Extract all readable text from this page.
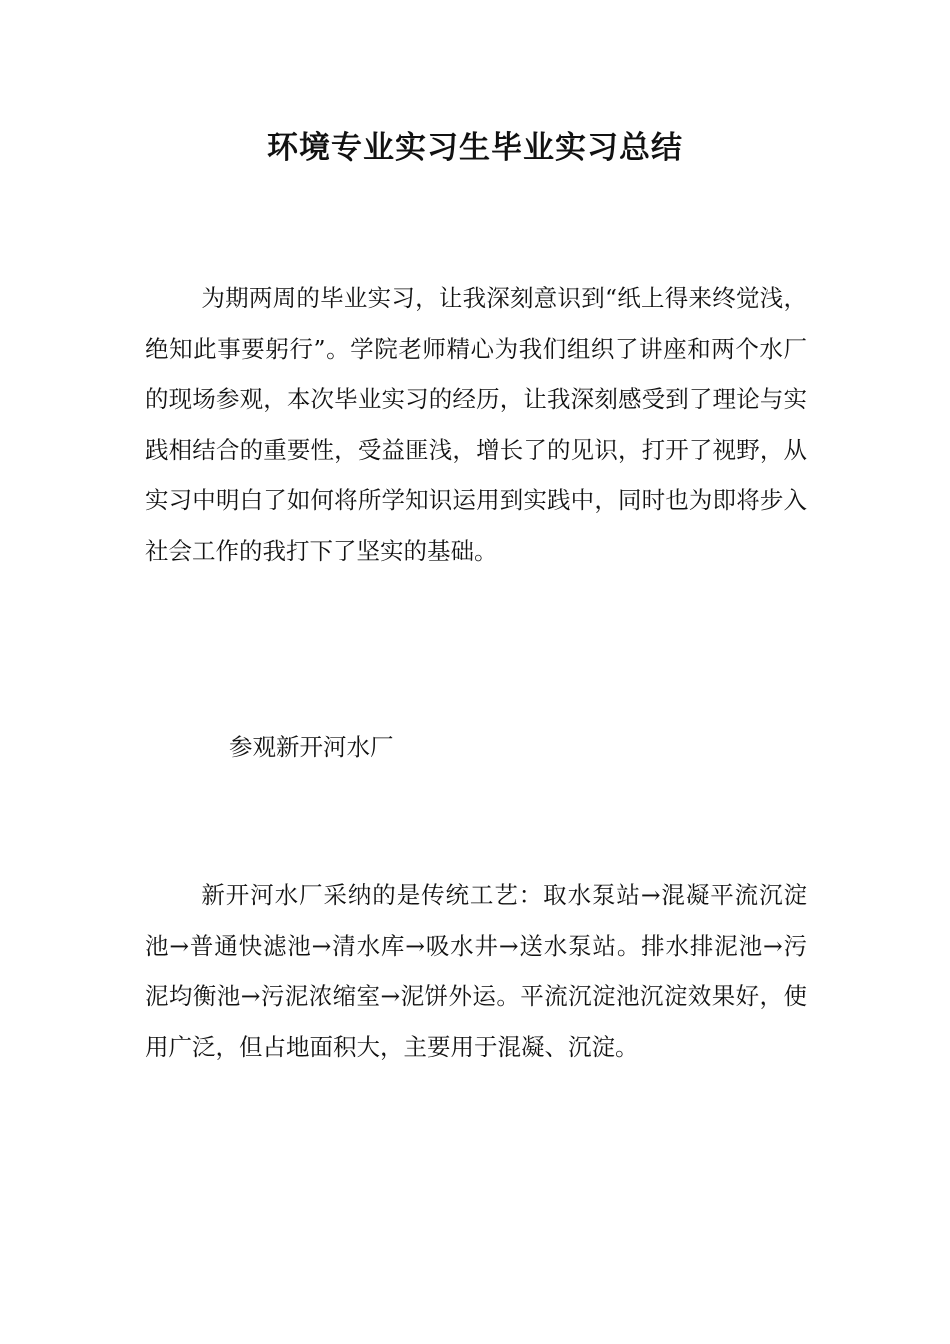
环境专业实习生毕业实习总结

为期两周的毕业实习，让我深刻意识到“纸上得来终觉浅，绝知此事要躬行”。学院老师精心为我们组织了讲座和两个水厂的现场参观，本次毕业实习的经历，让我深刻感受到了理论与实践相结合的重要性，受益匪浅，增长了的见识，打开了视野，从实习中明白了如何将所学知识运用到实践中，同时也为即将步入社会工作的我打下了坚实的基础。

参观新开河水厂

新开河水厂采纳的是传统工艺：取水泵站→混凝平流沉淀池→普通快滤池→清水库→吸水井→送水泵站。排水排泥池→污泥均衡池→污泥浓缩室→泥饼外运。平流沉淀池沉淀效果好，使用广泛，但占地面积大，主要用于混凝、沉淀。
